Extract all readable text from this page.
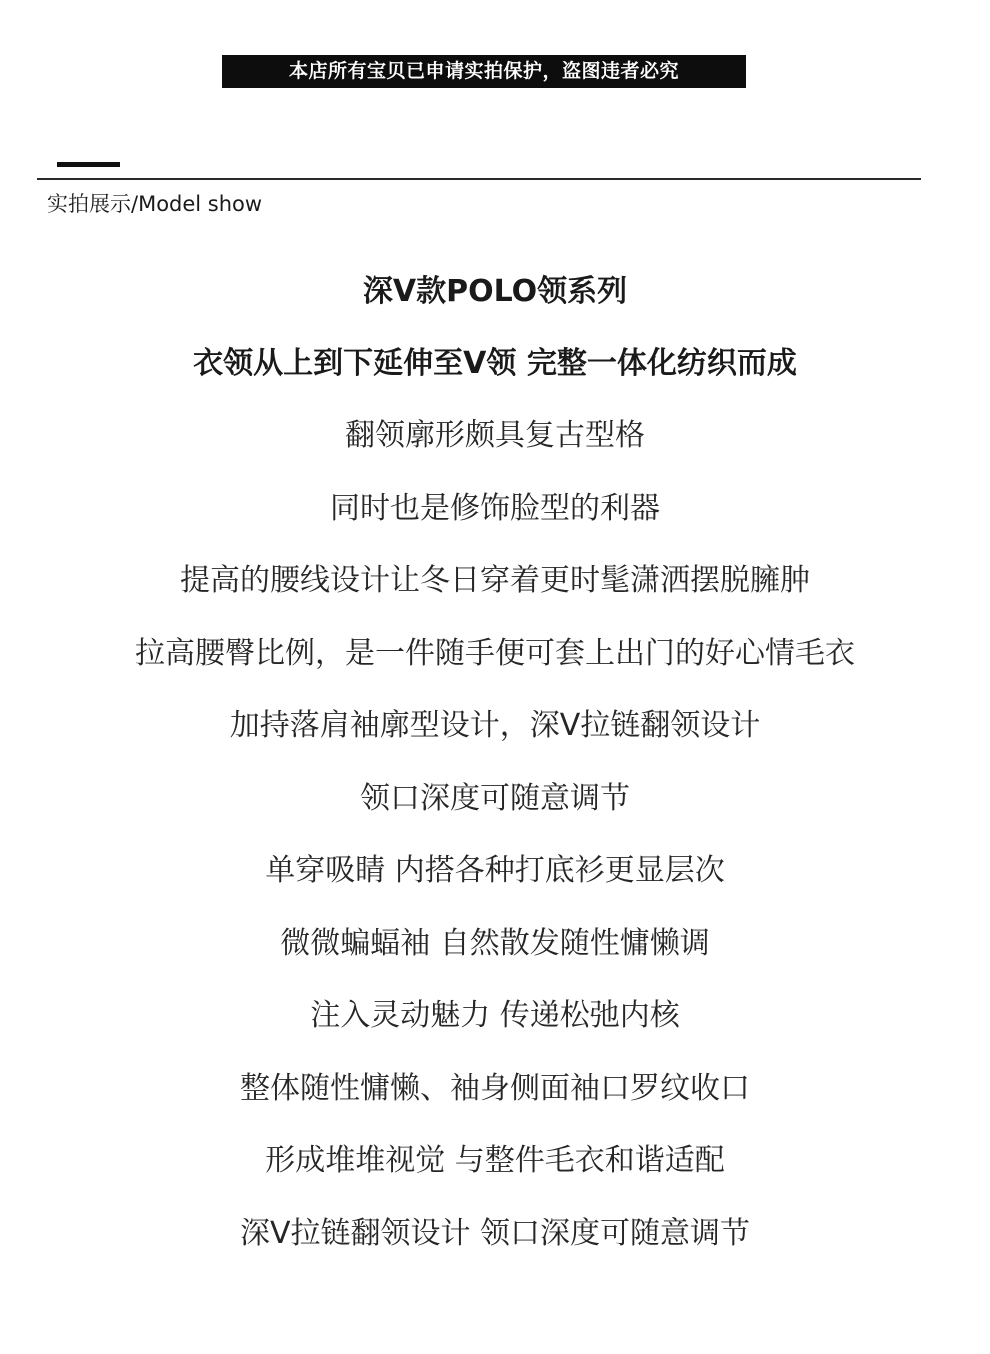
本店所有宝贝已申请实拍保护，盗图违者必究
实拍展示/Model show
深V款POLO领系列
衣领从上到下延伸至V领 完整一体化纺织而成
翻领廓形颇具复古型格
同时也是修饰脸型的利器
提高的腰线设计让冬日穿着更时髦潇洒摆脱臃肿
拉高腰臀比例，是一件随手便可套上出门的好心情毛衣
加持落肩袖廓型设计，深V拉链翻领设计
领口深度可随意调节
单穿吸睛 内搭各种打底衫更显层次
微微蝙蝠袖 自然散发随性慵懒调
注入灵动魅力 传递松弛内核
整体随性慵懒、袖身侧面袖口罗纹收口
形成堆堆视觉 与整件毛衣和谐适配
深V拉链翻领设计 领口深度可随意调节
